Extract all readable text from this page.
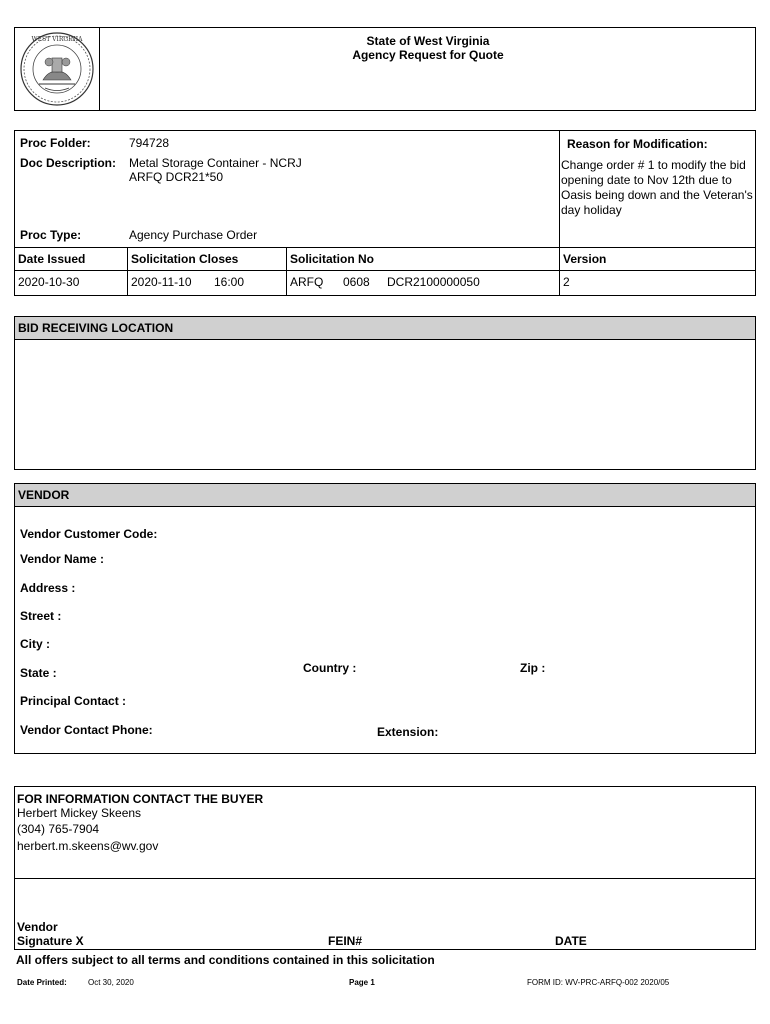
WEST VIRGINIA	State of West Virginia
Agency Request for Quote
Proc Folder:	794728
Doc Description: Metal Storage Container - NCRJ
ARFQ DCR21*50
Proc Type:	Agency Purchase Order
Reason for Modification:
Change order # 1 to modify the bid opening date to Nov 12th due to Oasis being down and the Veteran's day holiday
Date Issued	Solicitation Closes	Solicitation No	Version
2020-10-30	2020-11-10 16:00	ARFQ 0608 DCR2100000050	2
BID RECEIVING LOCATION
VENDOR
Vendor Customer Code:
Vendor Name :
Address :
Street :
City :
State :	Country :	Zip :
Principal Contact :
Vendor Contact Phone:	Extension:
FOR INFORMATION CONTACT THE BUYER
Herbert Mickey Skeens
(304) 765-7904
herbert.m.skeens@wv.gov
Vendor
Signature X	FEIN#	DATE
All offers subject to all terms and conditions contained in this solicitation
Date Printed:	Oct 30, 2020	Page 1	FORM ID: WV-PRC-ARFQ-002 2020/05
